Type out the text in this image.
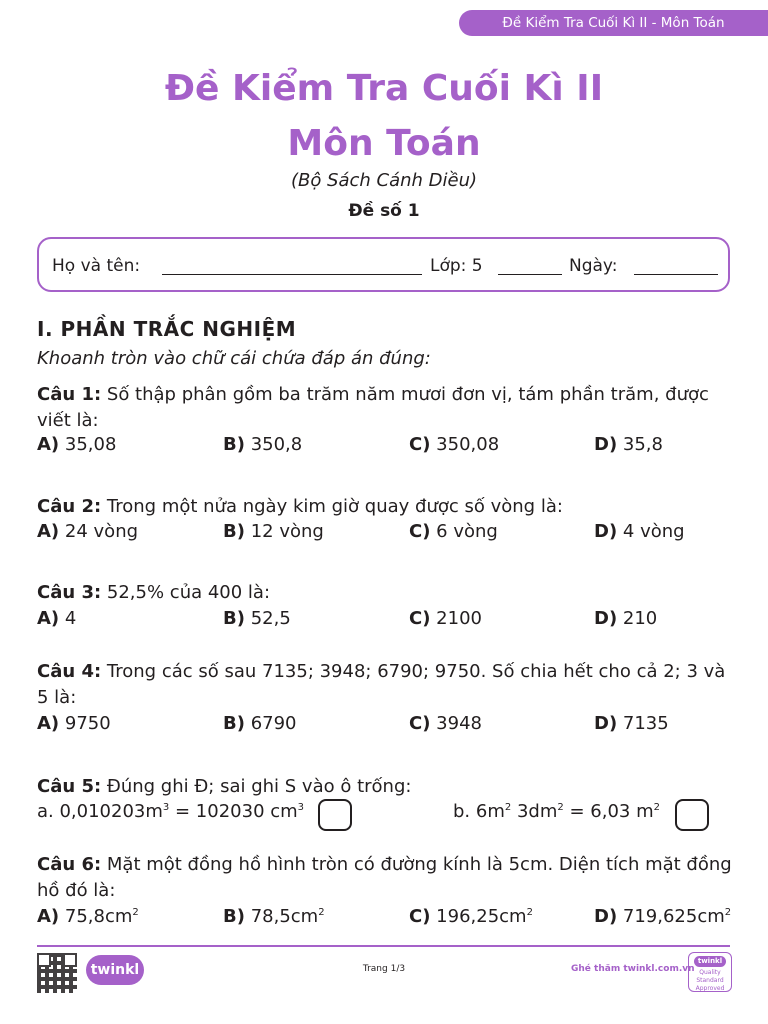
Đề Kiểm Tra Cuối Kì II - Môn Toán
Đề Kiểm Tra Cuối Kì II
Môn Toán
(Bộ Sách Cánh Diều)
Đề số 1
Họ và tên:	Lớp: 5	Ngày:
I. PHẦN TRẮC NGHIỆM
Khoanh tròn vào chữ cái chứa đáp án đúng:
Câu 1: Số thập phân gồm ba trăm năm mươi đơn vị, tám phần trăm, được viết là:
A) 35,08	B) 350,8	C) 350,08	D) 35,8
Câu 2: Trong một nửa ngày kim giờ quay được số vòng là:
A) 24 vòng	B) 12 vòng	C) 6 vòng	D) 4 vòng
Câu 3: 52,5% của 400 là:
A) 4	B) 52,5	C) 2100	D) 210
Câu 4: Trong các số sau 7135; 3948; 6790; 9750. Số chia hết cho cả 2; 3 và 5 là:
A) 9750	B) 6790	C) 3948	D) 7135
Câu 5: Đúng ghi Đ; sai ghi S vào ô trống:
a. $0,010203m^3 = 102030$ $cm^3$	b. $6m^2$ $3dm^2 = 6,03$ $m^2$
Câu 6: Mặt một đồng hồ hình tròn có đường kính là 5cm. Diện tích mặt đồng hồ đó là:
A) $75,8cm^2$	B) $78,5cm^2$	C) $196,25cm^2$	D) $719,625cm^2$
twinkl	Trang 1/3	Ghé thăm twinkl.com.vn
twinkl
Quality Standard Approved
